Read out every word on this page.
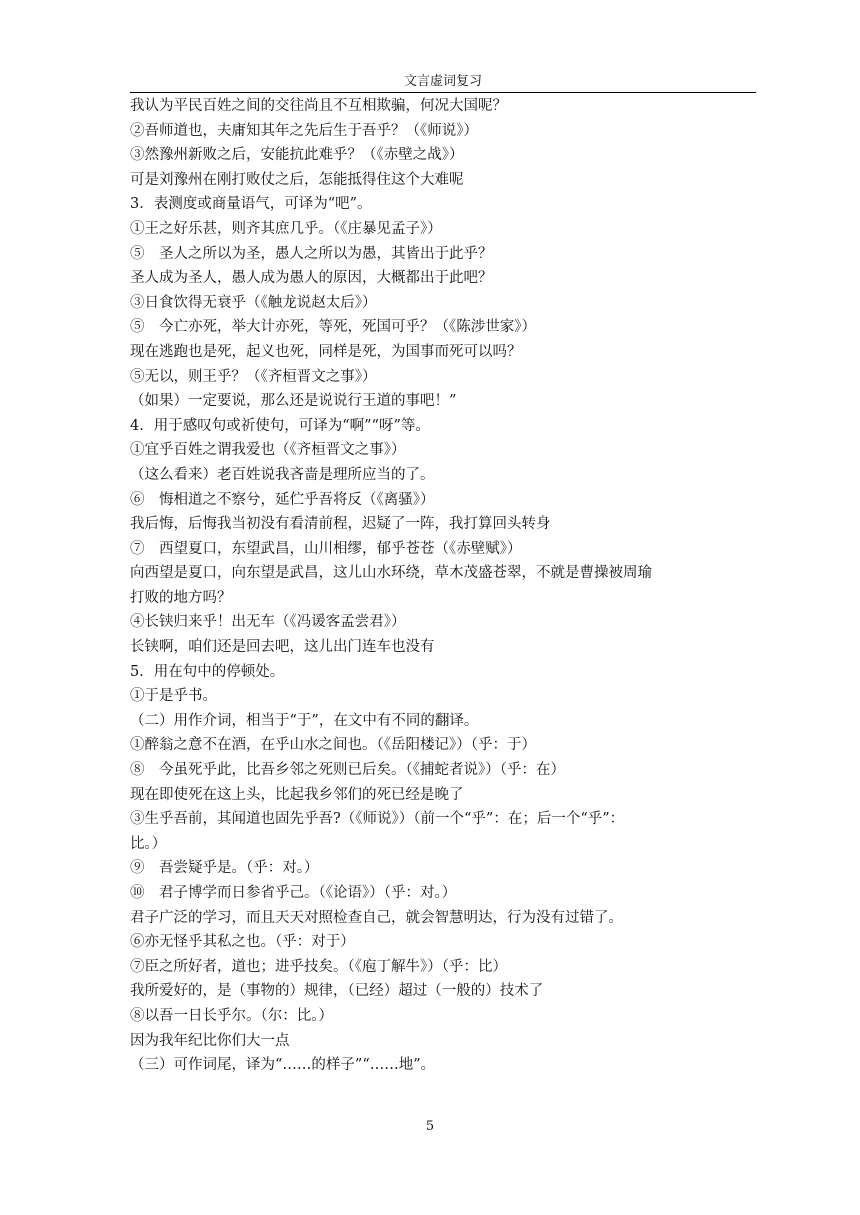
文言虚词复习
我认为平民百姓之间的交往尚且不互相欺骗，何况大国呢？
②吾师道也，夫庸知其年之先后生于吾乎？（《师说》）
③然豫州新败之后，安能抗此难乎？（《赤壁之战》）
可是刘豫州在刚打败仗之后，怎能抵得住这个大难呢
3．表测度或商量语气，可译为“吧”。
①王之好乐甚，则齐其庶几乎。（《庄暴见孟子》）
⑤　圣人之所以为圣，愚人之所以为愚，其皆出于此乎？
圣人成为圣人，愚人成为愚人的原因，大概都出于此吧？
③日食饮得无衰乎（《触龙说赵太后》）
⑤　今亡亦死，举大计亦死，等死，死国可乎？（《陈涉世家》）
现在逃跑也是死，起义也死，同样是死，为国事而死可以吗？
⑤无以，则王乎？（《齐桓晋文之事》）
（如果）一定要说，那么还是说说行王道的事吧！”
4．用于感叹句或祈使句，可译为“啊”“呀”等。
①宜乎百姓之谓我爱也（《齐桓晋文之事》）
（这么看来）老百姓说我吝啬是理所应当的了。
⑥　悔相道之不察兮，延伫乎吾将反（《离骚》）
我后悔，后悔我当初没有看清前程，迟疑了一阵，我打算回头转身
⑦　西望夏口，东望武昌，山川相缪，郁乎苍苍（《赤壁赋》）
向西望是夏口，向东望是武昌，这儿山水环绕，草木茂盛苍翠，不就是曹操被周瑜
打败的地方吗？
④长铗归来乎！出无车（《冯谖客孟尝君》）
长铗啊，咱们还是回去吧，这儿出门连车也没有
5．用在句中的停顿处。
①于是乎书。
（二）用作介词，相当于“于”，在文中有不同的翻译。
①醉翁之意不在酒，在乎山水之间也。（《岳阳楼记》）（乎：于）
⑧　今虽死乎此，比吾乡邻之死则已后矣。（《捕蛇者说》）（乎：在）
现在即使死在这上头，比起我乡邻们的死已经是晚了
③生乎吾前，其闻道也固先乎吾?（《师说》）（前一个“乎”：在；后一个“乎”：
比。）
⑨　吾尝疑乎是。（乎：对。）
⑩　君子博学而日参省乎己。（《论语》）（乎：对。）
君子广泛的学习，而且天天对照检查自己，就会智慧明达，行为没有过错了。
⑥亦无怪乎其私之也。（乎：对于）
⑦臣之所好者，道也；进乎技矣。（《庖丁解牛》）（乎：比）
我所爱好的，是（事物的）规律，（已经）超过（一般的）技术了
⑧以吾一日长乎尔。（尔：比。）
因为我年纪比你们大一点
（三）可作词尾，译为“……的样子”“……地”。
5
